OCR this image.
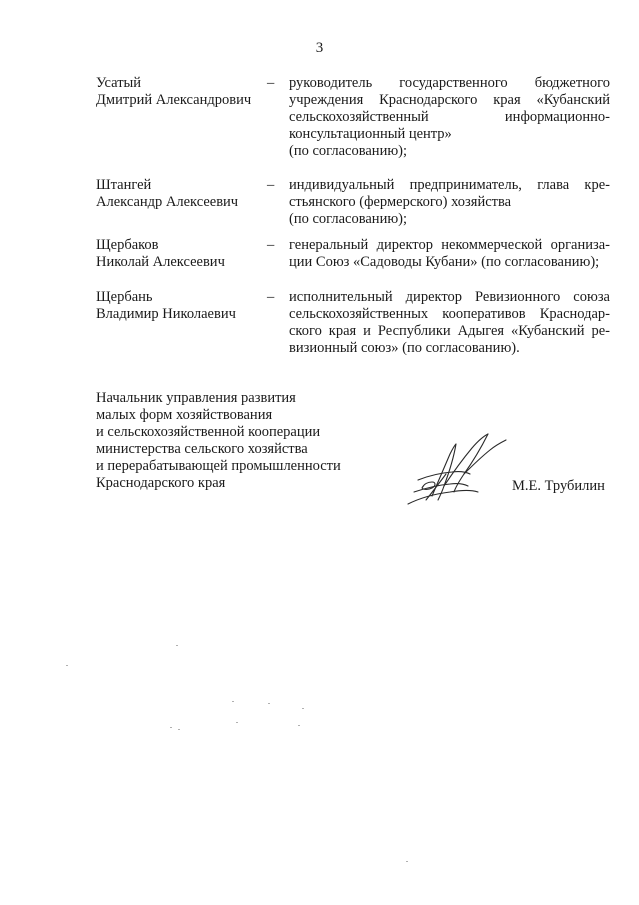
3
Усатый
Дмитрий Александрович
–	руководитель государственного бюджетного
учреждения Краснодарского края «Кубанский
сельскохозяйственный информационно-
консультационный центр»
(по согласованию);
Штангей
Александр Алексеевич
–	индивидуальный предприниматель, глава кре-
стьянского (фермерского) хозяйства
(по согласованию);
Щербаков
Николай Алексеевич
–	генеральный директор некоммерческой организа-
ции Союз «Садоводы Кубани» (по согласованию);
Щербань
Владимир Николаевич
–	исполнительный директор Ревизионного союза
сельскохозяйственных кооперативов Краснодар-
ского края и Республики Адыгея «Кубанский ре-
визионный союз» (по согласованию).
Начальник управления развития
малых форм хозяйствования
и сельскохозяйственной кооперации
министерства сельского хозяйства
и перерабатывающей промышленности
Краснодарского края	М.Е. Трубилин
